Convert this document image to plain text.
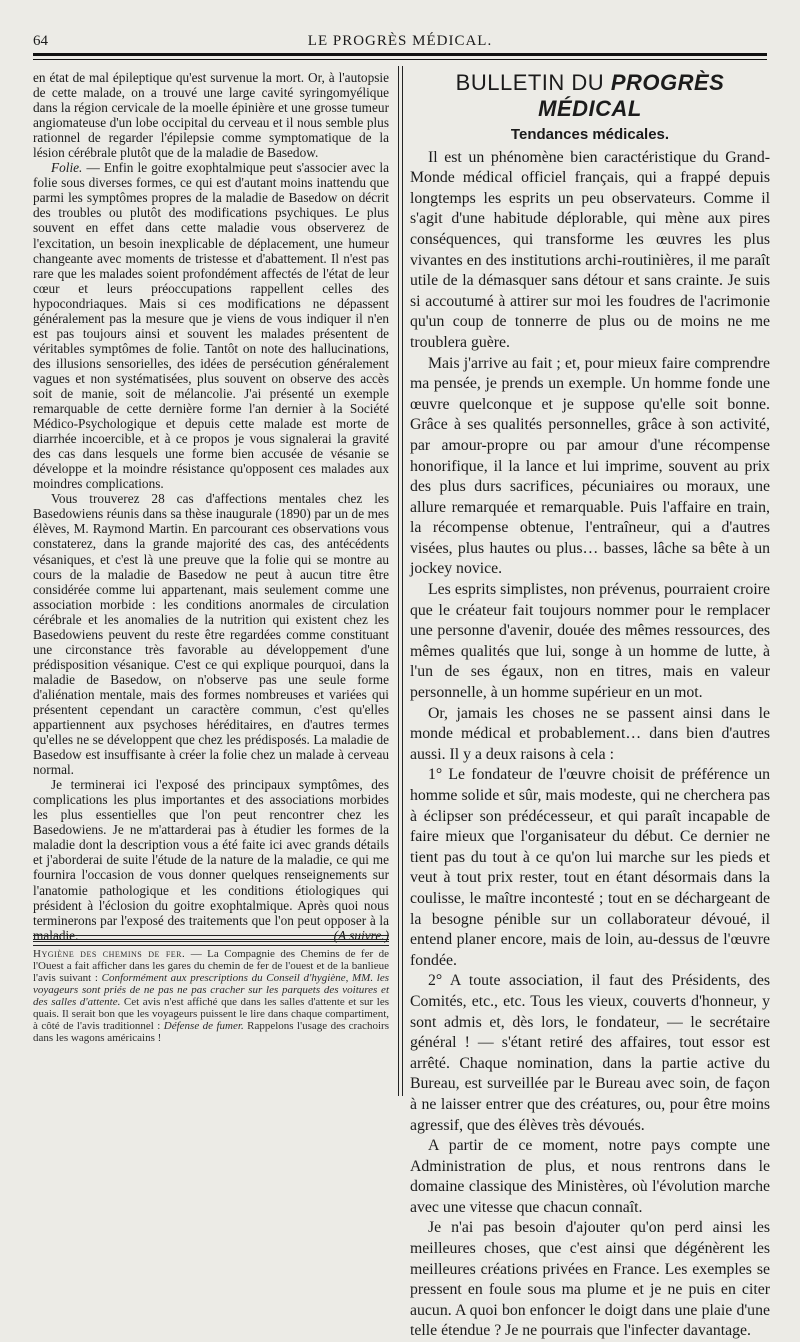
64	LE PROGRÈS MÉDICAL.

en état de mal épileptique qu'est survenue la mort. Or, à l'autopsie de cette malade, on a trouvé une large cavité syringomyélique dans la région cervicale de la moelle épinière et une grosse tumeur angiomateuse d'un lobe occipital du cerveau et il nous semble plus rationnel de regarder l'épilepsie comme symptomatique de la lésion cérébrale plutôt que de la maladie de Basedow.

Folie. — Enfin le goitre exophtalmique peut s'associer avec la folie sous diverses formes, ce qui est d'autant moins inattendu que parmi les symptômes propres de la maladie de Basedow on décrit des troubles ou plutôt des modifications psychiques. Le plus souvent en effet dans cette maladie vous observerez de l'excitation, un besoin inexplicable de déplacement, une humeur changeante avec moments de tristesse et d'abattement. Il n'est pas rare que les malades soient profondément affectés de l'état de leur cœur et leurs préoccupations rappellent celles des hypocondriaques. Mais si ces modifications ne dépassent généralement pas la mesure que je viens de vous indiquer il n'en est pas toujours ainsi et souvent les malades présentent de véritables symptômes de folie. Tantôt on note des hallucinations, des illusions sensorielles, des idées de persécution généralement vagues et non systématisées, plus souvent on observe des accès soit de manie, soit de mélancolie. J'ai présenté un exemple remarquable de cette dernière forme l'an dernier à la Société Médico-Psychologique et depuis cette malade est morte de diarrhée incoercible, et à ce propos je vous signalerai la gravité des cas dans lesquels une forme bien accusée de vésanie se développe et la moindre résistance qu'opposent ces malades aux moindres complications.

Vous trouverez 28 cas d'affections mentales chez les Basedowiens réunis dans sa thèse inaugurale (1890) par un de mes élèves, M. Raymond Martin. En parcourant ces observations vous constaterez, dans la grande majorité des cas, des antécédents vésaniques, et c'est là une preuve que la folie qui se montre au cours de la maladie de Basedow ne peut à aucun titre être considérée comme lui appartenant, mais seulement comme une association morbide : les conditions anormales de circulation cérébrale et les anomalies de la nutrition qui existent chez les Basedowiens peuvent du reste être regardées comme constituant une circonstance très favorable au développement d'une prédisposition vésanique. C'est ce qui explique pourquoi, dans la maladie de Basedow, on n'observe pas une seule forme d'aliénation mentale, mais des formes nombreuses et variées qui présentent cependant un caractère commun, c'est qu'elles appartiennent aux psychoses héréditaires, en d'autres termes qu'elles ne se développent que chez les prédisposés. La maladie de Basedow est insuffisante à créer la folie chez un malade à cerveau normal.

Je terminerai ici l'exposé des principaux symptômes, des complications les plus importantes et des associations morbides les plus essentielles que l'on peut rencontrer chez les Basedowiens. Je ne m'attarderai pas à étudier les formes de la maladie dont la description vous a été faite ici avec grands détails et j'aborderai de suite l'étude de la nature de la maladie, ce qui me fournira l'occasion de vous donner quelques renseignements sur l'anatomie pathologique et les conditions étiologiques qui président à l'éclosion du goitre exophtalmique. Après quoi nous terminerons par l'exposé des traitements que l'on peut opposer à la maladie.	(A suivre.)

Hygiène des chemins de fer. — La Compagnie des Chemins de fer de l'Ouest a fait afficher dans les gares du chemin de fer de l'ouest et de la banlieue l'avis suivant : Conformément aux prescriptions du Conseil d'hygiène, MM. les voyageurs sont priés de ne pas ne pas cracher sur les parquets des voitures et des salles d'attente. Cet avis n'est affiché que dans les salles d'attente et sur les quais. Il serait bon que les voyageurs puissent le lire dans chaque compartiment, à côté de l'avis traditionnel : Défense de fumer. Rappelons l'usage des crachoirs dans les wagons américains !
BULLETIN DU PROGRÈS MÉDICAL
Tendances médicales.

Il est un phénomène bien caractéristique du Grand-Monde médical officiel français, qui a frappé depuis longtemps les esprits un peu observateurs. Comme il s'agit d'une habitude déplorable, qui mène aux pires conséquences, qui transforme les œuvres les plus vivantes en des institutions archi-routinières, il me paraît utile de la démasquer sans détour et sans crainte. Je suis si accoutumé à attirer sur moi les foudres de l'acrimonie qu'un coup de tonnerre de plus ou de moins ne me troublera guère.

Mais j'arrive au fait ; et, pour mieux faire comprendre ma pensée, je prends un exemple. Un homme fonde une œuvre quelconque et je suppose qu'elle soit bonne. Grâce à ses qualités personnelles, grâce à son activité, par amour-propre ou par amour d'une récompense honorifique, il la lance et lui imprime, souvent au prix des plus durs sacrifices, pécuniaires ou moraux, une allure remarquée et remarquable. Puis l'affaire en train, la récompense obtenue, l'entraîneur, qui a d'autres visées, plus hautes ou plus… basses, lâche sa bête à un jockey novice.

Les esprits simplistes, non prévenus, pourraient croire que le créateur fait toujours nommer pour le remplacer une personne d'avenir, douée des mêmes ressources, des mêmes qualités que lui, songe à un homme de lutte, à l'un de ses égaux, non en titres, mais en valeur personnelle, à un homme supérieur en un mot.

Or, jamais les choses ne se passent ainsi dans le monde médical et probablement… dans bien d'autres aussi. Il y a deux raisons à cela :

1° Le fondateur de l'œuvre choisit de préférence un homme solide et sûr, mais modeste, qui ne cherchera pas à éclipser son prédécesseur, et qui paraît incapable de faire mieux que l'organisateur du début. Ce dernier ne tient pas du tout à ce qu'on lui marche sur les pieds et veut à tout prix rester, tout en étant désormais dans la coulisse, le maître incontesté ; tout en se déchargeant de la besogne pénible sur un collaborateur dévoué, il entend planer encore, mais de loin, au-dessus de l'œuvre fondée.

2° A toute association, il faut des Présidents, des Comités, etc., etc. Tous les vieux, couverts d'honneur, y sont admis et, dès lors, le fondateur, — le secrétaire général ! — s'étant retiré des affaires, tout essor est arrêté. Chaque nomination, dans la partie active du Bureau, est surveillée par le Bureau avec soin, de façon à ne laisser entrer que des créatures, ou, pour être moins agressif, que des élèves très dévoués.

A partir de ce moment, notre pays compte une Administration de plus, et nous rentrons dans le domaine classique des Ministères, où l'évolution marche avec une vitesse que chacun connaît.

Je n'ai pas besoin d'ajouter qu'on perd ainsi les meilleures choses, que c'est ainsi que dégénèrent les meilleures créations privées en France. Les exemples se pressent en foule sous ma plume et je ne puis en citer aucun. A quoi bon enfoncer le doigt dans une plaie d'une telle étendue ? Je ne pourrais que l'infecter davantage.
